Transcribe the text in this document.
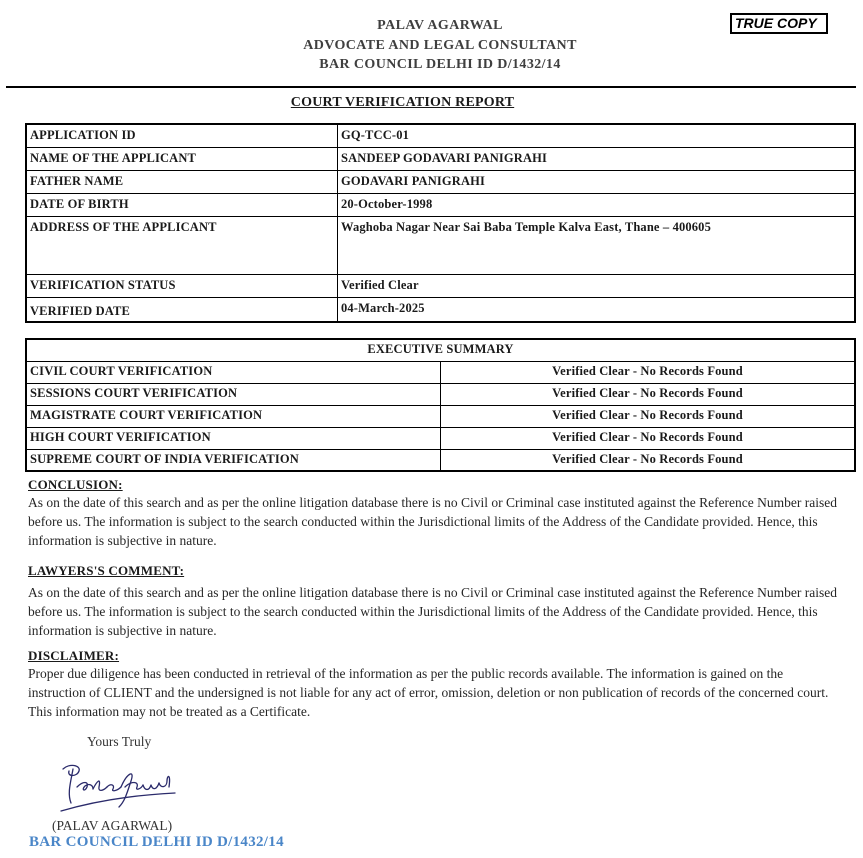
PALAV AGARWAL
ADVOCATE AND LEGAL CONSULTANT
BAR COUNCIL DELHI ID D/1432/14
TRUE COPY
COURT VERIFICATION REPORT
APPLICATION ID	GQ-TCC-01
NAME OF THE APPLICANT	SANDEEP GODAVARI PANIGRAHI
FATHER NAME	GODAVARI PANIGRAHI
DATE OF BIRTH	20-October-1998
ADDRESS OF THE APPLICANT	Waghoba Nagar Near Sai Baba Temple Kalva East, Thane – 400605
VERIFICATION STATUS	Verified Clear
VERIFIED DATE	04-March-2025
EXECUTIVE SUMMARY	
CIVIL COURT VERIFICATION	Verified Clear - No Records Found
SESSIONS COURT VERIFICATION	Verified Clear - No Records Found
MAGISTRATE COURT VERIFICATION	Verified Clear - No Records Found
HIGH COURT VERIFICATION	Verified Clear - No Records Found
SUPREME COURT OF INDIA VERIFICATION	Verified Clear - No Records Found
CONCLUSION:
As on the date of this search and as per the online litigation database there is no Civil or Criminal case instituted against the Reference Number raised before us. The information is subject to the search conducted within the Jurisdictional limits of the Address of the Candidate provided. Hence, this information is subjective in nature.
LAWYERS'S COMMENT:
As on the date of this search and as per the online litigation database there is no Civil or Criminal case instituted against the Reference Number raised before us. The information is subject to the search conducted within the Jurisdictional limits of the Address of the Candidate provided. Hence, this information is subjective in nature.
DISCLAIMER:
Proper due diligence has been conducted in retrieval of the information as per the public records available. The information is gained on the instruction of CLIENT and the undersigned is not liable for any act of error, omission, deletion or non publication of records of the concerned court. This information may not be treated as a Certificate.
Yours Truly
(PALAV AGARWAL)
BAR COUNCIL DELHI ID D/1432/14
